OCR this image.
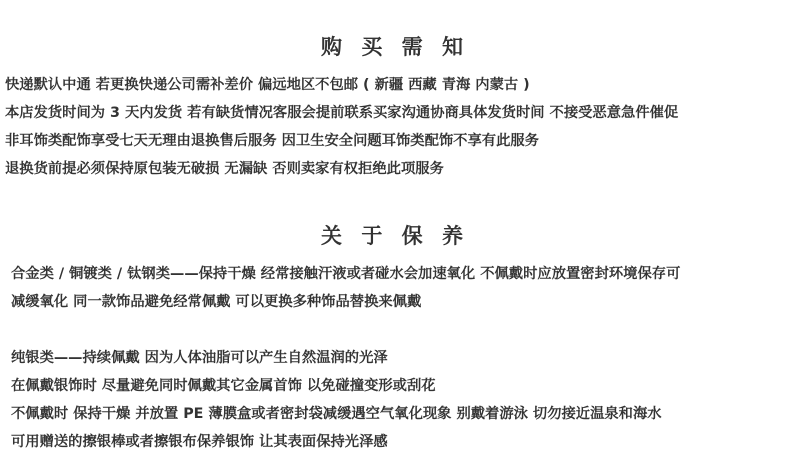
购 买 需 知

快递默认中通 若更换快递公司需补差价 偏远地区不包邮 ( 新疆 西藏 青海 内蒙古 )

本店发货时间为 3 天内发货 若有缺货情况客服会提前联系买家沟通协商具体发货时间 不接受恶意急件催促

非耳饰类配饰享受七天无理由退换售后服务 因卫生安全问题耳饰类配饰不享有此服务

退换货前提必须保持原包装无破损 无漏缺 否则卖家有权拒绝此项服务

关 于 保 养

合金类 / 铜镀类 / 钛钢类——保持干燥 经常接触汗液或者碰水会加速氧化 不佩戴时应放置密封环境保存可

减缓氧化 同一款饰品避免经常佩戴 可以更换多种饰品替换来佩戴

纯银类——持续佩戴 因为人体油脂可以产生自然温润的光泽

在佩戴银饰时 尽量避免同时佩戴其它金属首饰 以免碰撞变形或刮花

不佩戴时 保持干燥 并放置 PE 薄膜盒或者密封袋减缓遇空气氧化现象 别戴着游泳 切勿接近温泉和海水

可用赠送的擦银棒或者擦银布保养银饰 让其表面保持光泽感
